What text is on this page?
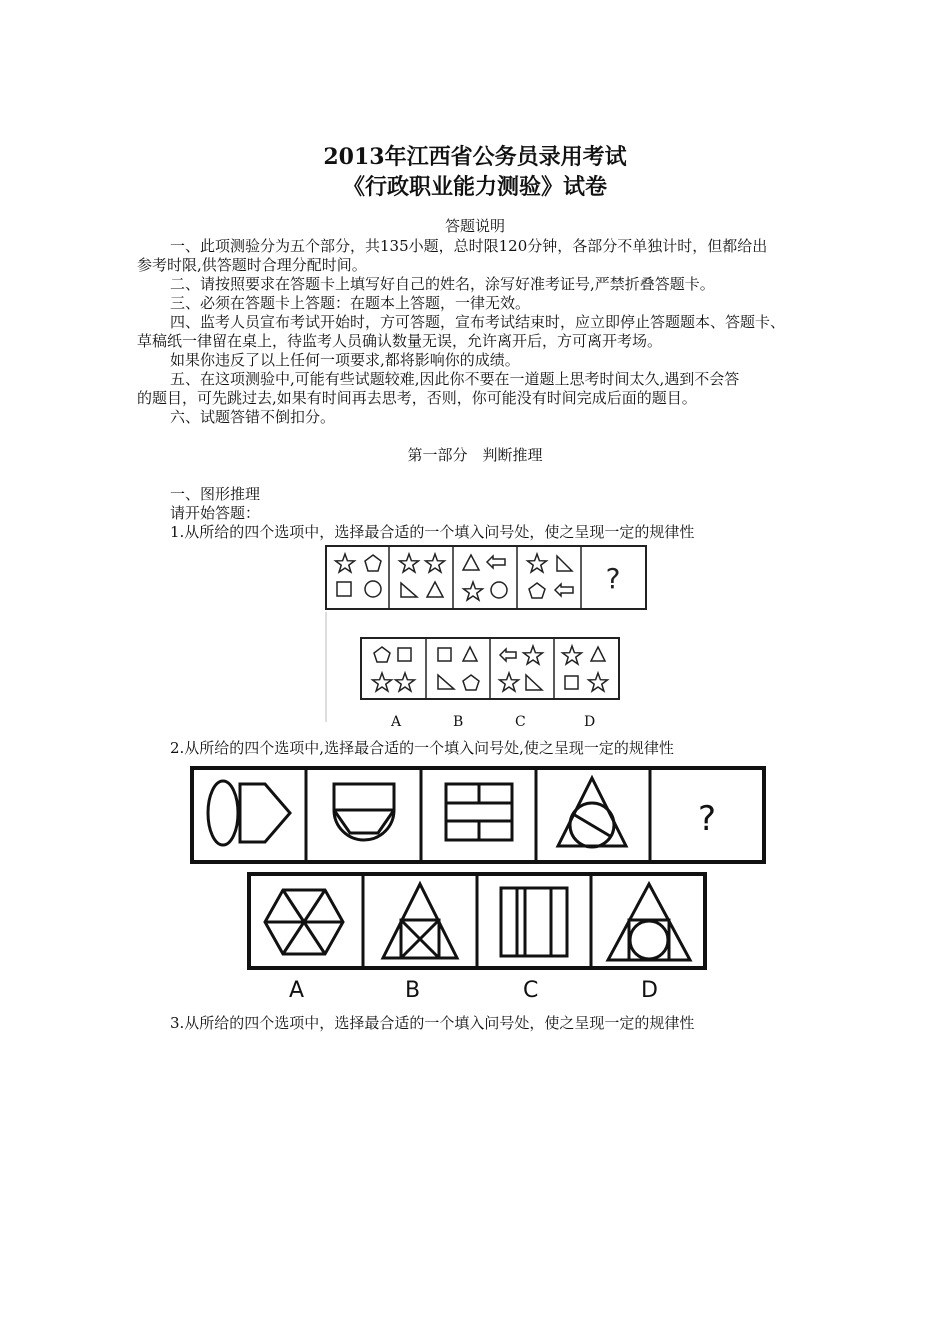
2013年江西省公务员录用考试
《行政职业能力测验》试卷
答题说明
一、此项测验分为五个部分，共135小题，总时限120分钟，各部分不单独计时，但都给出
参考时限,供答题时合理分配时间。
二、请按照要求在答题卡上填写好自己的姓名，涂写好准考证号,严禁折叠答题卡。
三、必须在答题卡上答题：在题本上答题，一律无效。
四、监考人员宣布考试开始时，方可答题，宣布考试结束时，应立即停止答题题本、答题卡、
草稿纸一律留在桌上，待监考人员确认数量无误，允许离开后，方可离开考场。
如果你违反了以上任何一项要求,都将影响你的成绩。
五、在这项测验中,可能有些试题较难,因此你不要在一道题上思考时间太久,遇到不会答
的题目，可先跳过去,如果有时间再去思考，否则，你可能没有时间完成后面的题目。
六、试题答错不倒扣分。
第一部分　判断推理
一、图形推理
请开始答题：
1.从所给的四个选项中，选择最合适的一个填入问号处，使之呈现一定的规律性
?
A	B	C	D
2.从所给的四个选项中,选择最合适的一个填入问号处,使之呈现一定的规律性
?
A	B	C	D
3.从所给的四个选项中，选择最合适的一个填入问号处，使之呈现一定的规律性
